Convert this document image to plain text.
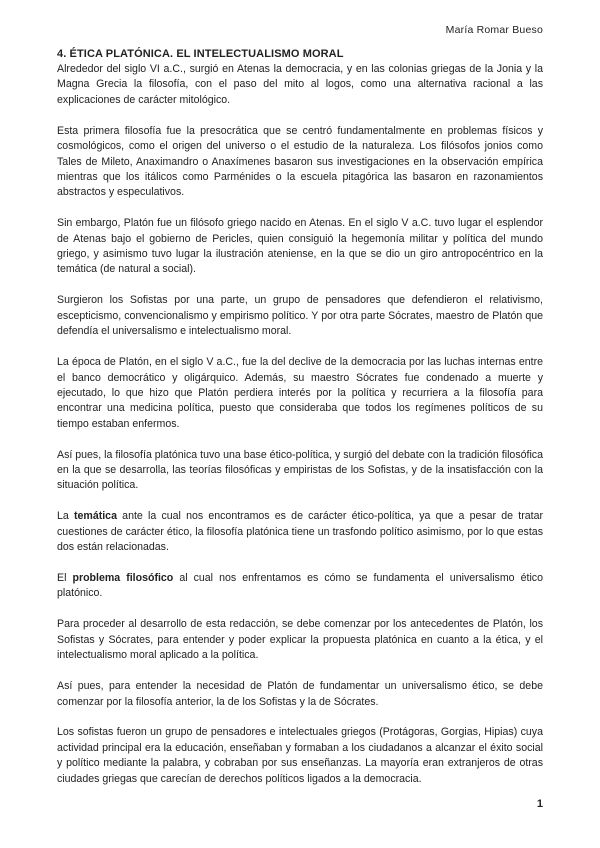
María Romar Bueso
4. ÉTICA PLATÓNICA. EL INTELECTUALISMO MORAL

Alrededor del siglo VI a.C., surgió en Atenas la democracia, y en las colonias griegas de la Jonia y la Magna Grecia la filosofía, con el paso del mito al logos, como una alternativa racional a las explicaciones de carácter mitológico.

Esta primera filosofía fue la presocrática que se centró fundamentalmente en problemas físicos y cosmológicos, como el origen del universo o el estudio de la naturaleza. Los filósofos jonios como Tales de Mileto, Anaximandro o Anaxímenes basaron sus investigaciones en la observación empírica mientras que los itálicos como Parménides o la escuela pitagórica las basaron en razonamientos abstractos y especulativos.

Sin embargo, Platón fue un filósofo griego nacido en Atenas. En el siglo V a.C. tuvo lugar el esplendor de Atenas bajo el gobierno de Pericles, quien consiguió la hegemonía militar y política del mundo griego, y asimismo tuvo lugar la ilustración ateniense, en la que se dio un giro antropocéntrico en la temática (de natural a social).

Surgieron los Sofistas por una parte, un grupo de pensadores que defendieron el relativismo, escepticismo, convencionalismo y empirismo político. Y por otra parte Sócrates, maestro de Platón que defendía el universalismo e intelectualismo moral.

La época de Platón, en el siglo V a.C., fue la del declive de la democracia por las luchas internas entre el banco democrático y oligárquico. Además, su maestro Sócrates fue condenado a muerte y ejecutado, lo que hizo que Platón perdiera interés por la política y recurriera a la filosofía para encontrar una medicina política, puesto que consideraba que todos los regímenes políticos de su tiempo estaban enfermos.

Así pues, la filosofía platónica tuvo una base ético-política, y surgió del debate con la tradición filosófica en la que se desarrolla, las teorías filosóficas y empiristas de los Sofistas, y de la insatisfacción con la situación política.

La temática ante la cual nos encontramos es de carácter ético-política, ya que a pesar de tratar cuestiones de carácter ético, la filosofía platónica tiene un trasfondo político asimismo, por lo que estas dos están relacionadas.

El problema filosófico al cual nos enfrentamos es cómo se fundamenta el universalismo ético platónico.

Para proceder al desarrollo de esta redacción, se debe comenzar por los antecedentes de Platón, los Sofistas y Sócrates, para entender y poder explicar la propuesta platónica en cuanto a la ética, y el intelectualismo moral aplicado a la política.

Así pues, para entender la necesidad de Platón de fundamentar un universalismo ético, se debe comenzar por la filosofía anterior, la de los Sofistas y la de Sócrates.

Los sofistas fueron un grupo de pensadores e intelectuales griegos (Protágoras, Gorgias, Hipias) cuya actividad principal era la educación, enseñaban y formaban a los ciudadanos a alcanzar el éxito social y político mediante la palabra, y cobraban por sus enseñanzas. La mayoría eran extranjeros de otras ciudades griegas que carecían de derechos políticos ligados a la democracia.

1
